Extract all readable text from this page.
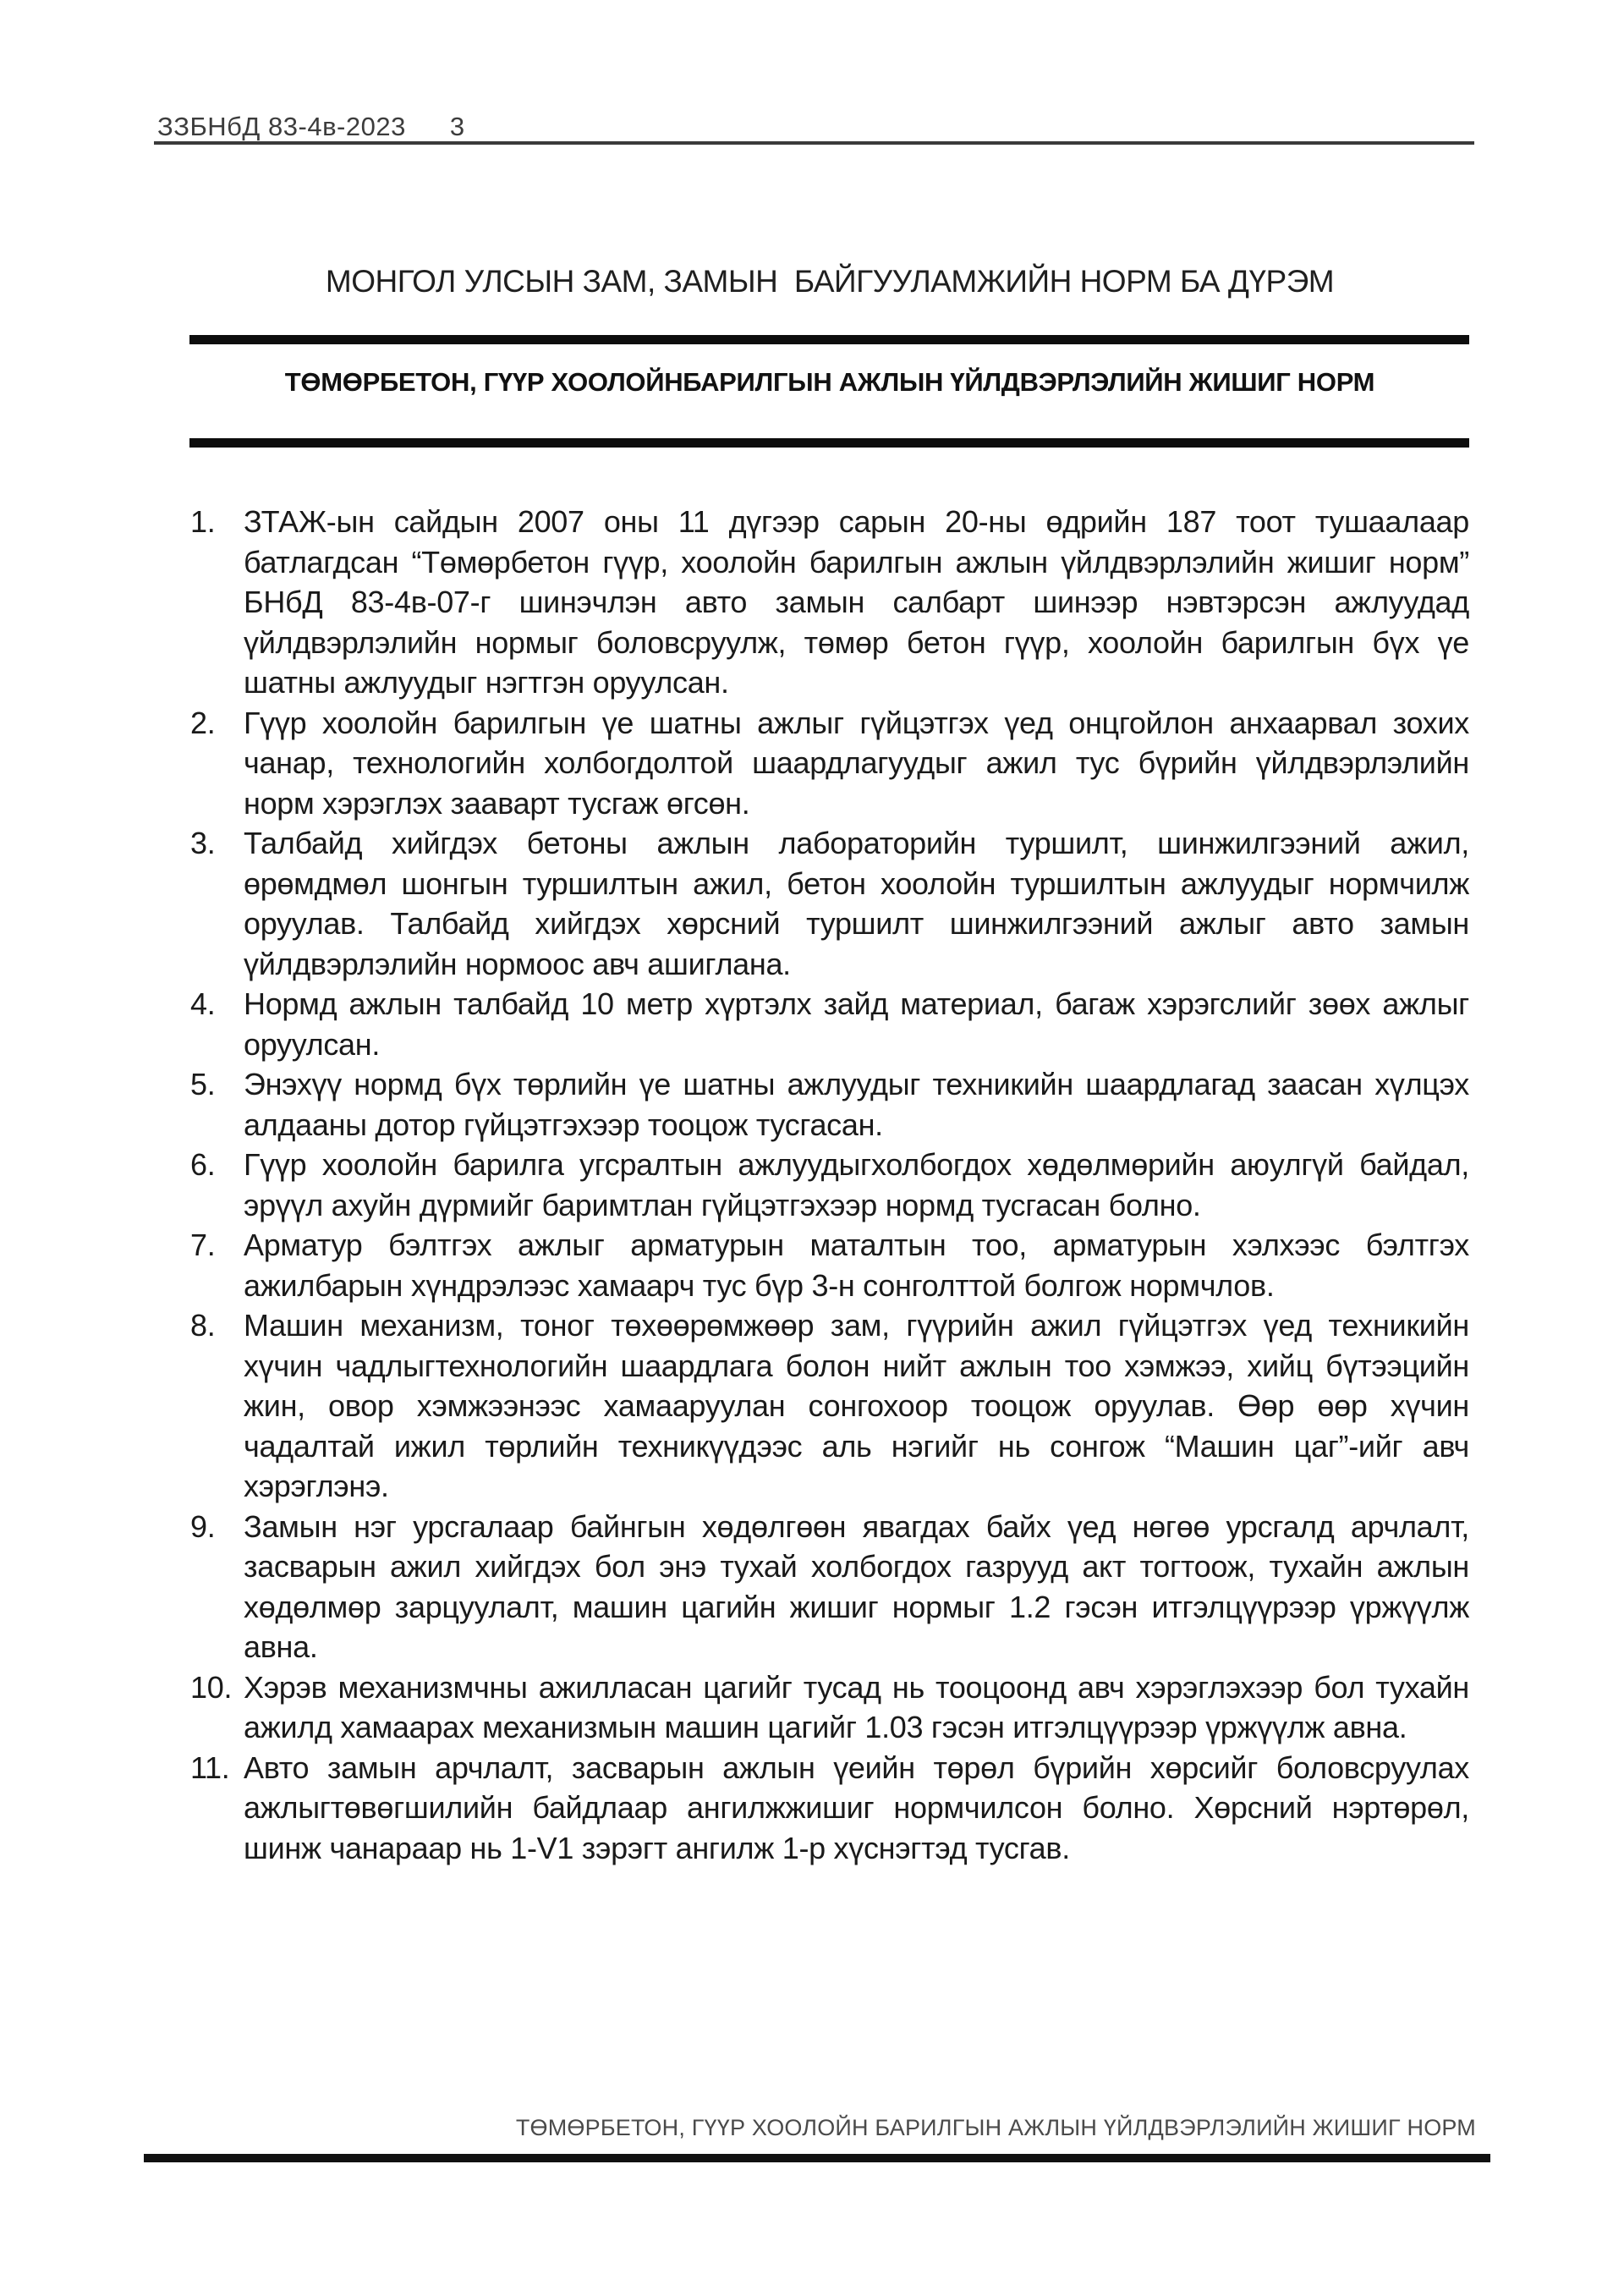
ЗЗБНбД 83-4в-2023 3
МОНГОЛ УЛСЫН ЗАМ, ЗАМЫН  БАЙГУУЛАМЖИЙН НОРМ БА ДҮРЭМ
ТӨМӨРБЕТОН, ГҮҮР ХООЛОЙНБАРИЛГЫН АЖЛЫН ҮЙЛДВЭРЛЭЛИЙН ЖИШИГ НОРМ
1. ЗТАЖ-ын сайдын 2007 оны 11 дүгээр сарын 20-ны өдрийн 187 тоот тушаалаар батлагдсан “Төмөрбетон гүүр, хоолойн барилгын ажлын үйлдвэрлэлийн жишиг норм” БНбД 83-4в-07-г шинэчлэн авто замын салбарт шинээр нэвтэрсэн ажлуудад үйлдвэрлэлийн нормыг боловсруулж, төмөр бетон гүүр, хоолойн барилгын бүх үе шатны ажлуудыг нэгтгэн оруулсан.
2. Гүүр хоолойн барилгын үе шатны ажлыг гүйцэтгэх үед онцгойлон анхаарвал зохих чанар, технологийн холбогдолтой шаардлагуудыг ажил тус бүрийн үйлдвэрлэлийн норм хэрэглэх зааварт тусгаж өгсөн.
3. Талбайд хийгдэх бетоны ажлын лабораторийн туршилт, шинжилгээний ажил, өрөмдмөл шонгын туршилтын ажил, бетон хоолойн туршилтын ажлуудыг нормчилж оруулав. Талбайд хийгдэх хөрсний туршилт шинжилгээний ажлыг авто замын үйлдвэрлэлийн нормоос авч ашиглана.
4. Нормд ажлын талбайд 10 метр хүртэлх зайд материал, багаж хэрэгслийг зөөх ажлыг оруулсан.
5. Энэхүү нормд бүх төрлийн үе шатны ажлуудыг техникийн шаардлагад заасан хүлцэх алдааны дотор гүйцэтгэхээр тооцож тусгасан.
6. Гүүр хоолойн барилга угсралтын ажлуудыгхолбогдох хөдөлмөрийн аюулгүй байдал, эрүүл ахуйн дүрмийг баримтлан гүйцэтгэхээр нормд тусгасан болно.
7. Арматур бэлтгэх ажлыг арматурын маталтын тоо, арматурын хэлхээс бэлтгэх ажилбарын хүндрэлээс хамаарч тус бүр 3-н сонголттой болгож нормчлов.
8. Машин механизм, тоног төхөөрөмжөөр зам, гүүрийн ажил гүйцэтгэх үед техникийн хүчин чадлыгтехнологийн шаардлага болон нийт ажлын тоо хэмжээ, хийц бүтээцийн жин, овор хэмжээнээс хамааруулан сонгохоор тооцож оруулав. Өөр өөр хүчин чадалтай ижил төрлийн техникүүдээс аль нэгийг нь сонгож “Машин цаг”-ийг авч хэрэглэнэ.
9. Замын нэг урсгалаар байнгын хөдөлгөөн явагдах байх үед нөгөө урсгалд арчлалт, засварын ажил хийгдэх бол энэ тухай холбогдох газрууд акт тогтоож, тухайн ажлын хөдөлмөр зарцуулалт, машин цагийн жишиг нормыг 1.2 гэсэн итгэлцүүрээр үржүүлж авна.
10. Хэрэв механизмчны ажилласан цагийг тусад нь тооцоонд авч хэрэглэхээр бол тухайн ажилд хамаарах механизмын машин цагийг 1.03 гэсэн итгэлцүүрээр үржүүлж авна.
11. Авто замын арчлалт, засварын ажлын үеийн төрөл бүрийн хөрсийг боловсруулах ажлыгтөвөгшилийн байдлаар ангилжжишиг нормчилсон болно. Хөрсний нэртөрөл, шинж чанараар нь 1-V1 зэрэгт ангилж 1-р хүснэгтэд тусгав.
ТӨМӨРБЕТОН, ГҮҮР ХООЛОЙН БАРИЛГЫН АЖЛЫН ҮЙЛДВЭРЛЭЛИЙН ЖИШИГ НОРМ
